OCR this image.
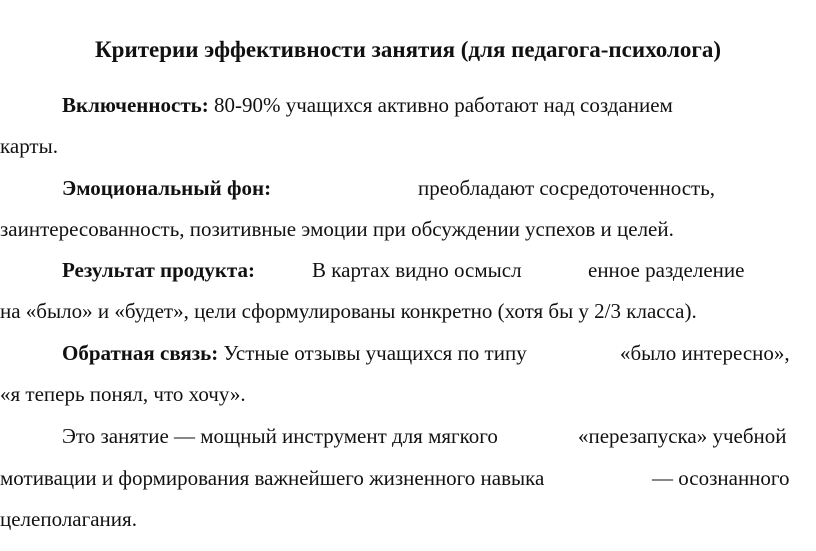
Критерии эффективности занятия (для педагога-психолога)
Включенность: 80-90% учащихся активно работают над созданием
карты.
Эмоциональный фон:	преобладают сосредоточенность,
заинтересованность, позитивные эмоции при обсуждении успехов и целей.
Результат продукта:	В картах видно осмысл	енное разделение
на «было» и «будет», цели сформулированы конкретно (хотя бы у 2/3 класса).
Обратная связь: Устные отзывы учащихся по типу	«было интересно»,
«я теперь понял, что хочу».
Это занятие — мощный инструмент для мягкого	«перезапуска» учебной
мотивации и формирования важнейшего жизненного навыка	— осознанного
целеполагания.
